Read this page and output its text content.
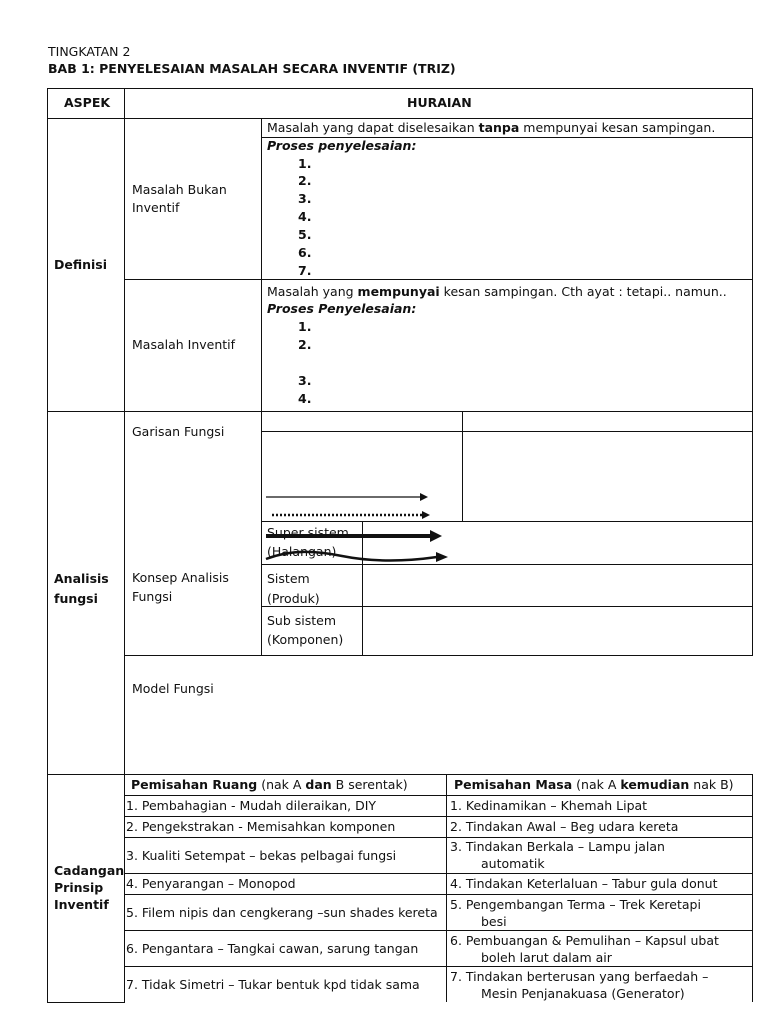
TINGKATAN 2
BAB 1: PENYELESAIAN MASALAH SECARA INVENTIF (TRIZ)
ASPEK	HURAIAN
Definisi
Masalah Bukan
Inventif
Masalah yang dapat diselesaikan tanpa mempunyai kesan sampingan.
Proses penyelesaian:
1.
2.
3.
4.
5.
6.
7.
Masalah Inventif
Masalah yang mempunyai kesan sampingan. Cth ayat : tetapi.. namun..
Proses Penyelesaian:
1.
2.
3.
4.
Analisis
fungsi
Garisan Fungsi
Konsep Analisis
Fungsi
Model Fungsi
Super sistem
(Halangan)
Sistem
(Produk)
Sub sistem
(Komponen)
Cadangan
Prinsip
Inventif
Pemisahan Ruang (nak A dan B serentak)	Pemisahan Masa (nak A kemudian nak B)
1. Pembahagian - Mudah dileraikan, DIY
2. Pengekstrakan - Memisahkan komponen
3. Kualiti Setempat – bekas pelbagai fungsi
4. Penyarangan – Monopod
5. Filem nipis dan cengkerang –sun shades kereta
6. Pengantara – Tangkai cawan, sarung tangan
7. Tidak Simetri – Tukar bentuk kpd tidak sama
1. Kedinamikan – Khemah Lipat
2. Tindakan Awal – Beg udara kereta
3. Tindakan Berkala – Lampu jalan
automatik
4. Tindakan Keterlaluan – Tabur gula donut
5. Pengembangan Terma – Trek Keretapi
besi
6. Pembuangan & Pemulihan – Kapsul ubat
boleh larut dalam air
7. Tindakan berterusan yang berfaedah –
Mesin Penjanakuasa (Generator)
